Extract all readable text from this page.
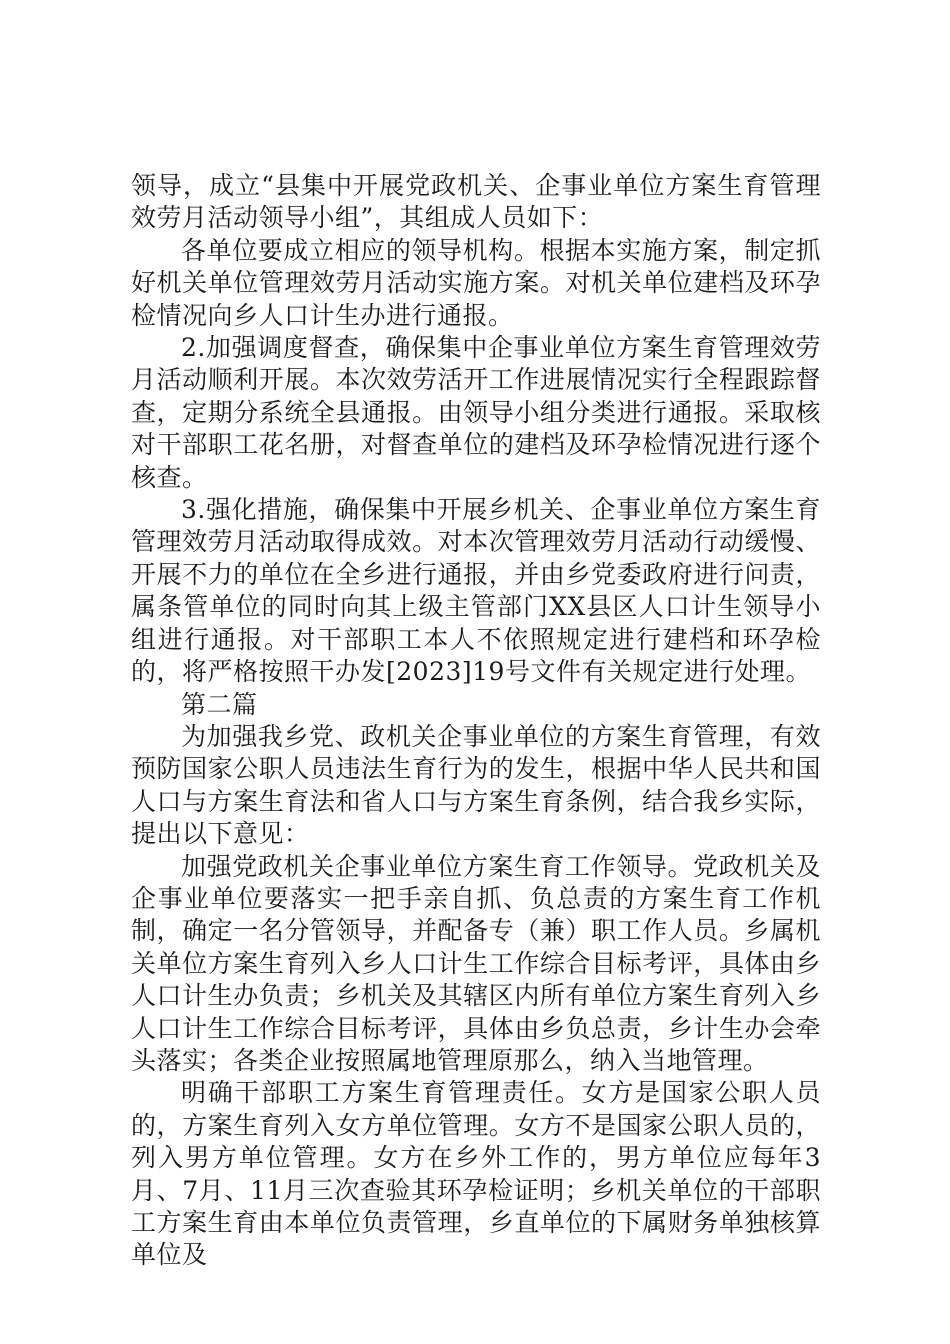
领导，成立“县集中开展党政机关、企事业单位方案生育管理效劳月活动领导小组”，其组成人员如下：

各单位要成立相应的领导机构。根据本实施方案，制定抓好机关单位管理效劳月活动实施方案。对机关单位建档及环孕检情况向乡人口计生办进行通报。

2.加强调度督查，确保集中企事业单位方案生育管理效劳月活动顺利开展。本次效劳活开工作进展情况实行全程跟踪督查，定期分系统全县通报。由领导小组分类进行通报。采取核对干部职工花名册，对督查单位的建档及环孕检情况进行逐个核查。

3.强化措施，确保集中开展乡机关、企事业单位方案生育管理效劳月活动取得成效。对本次管理效劳月活动行动缓慢、开展不力的单位在全乡进行通报，并由乡党委政府进行问责，属条管单位的同时向其上级主管部门XX县区人口计生领导小组进行通报。对干部职工本人不依照规定进行建档和环孕检的，将严格按照干办发[2023]19号文件有关规定进行处理。

第二篇

为加强我乡党、政机关企事业单位的方案生育管理，有效预防国家公职人员违法生育行为的发生，根据中华人民共和国人口与方案生育法和省人口与方案生育条例，结合我乡实际，提出以下意见：

加强党政机关企事业单位方案生育工作领导。党政机关及企事业单位要落实一把手亲自抓、负总责的方案生育工作机制，确定一名分管领导，并配备专（兼）职工作人员。乡属机关单位方案生育列入乡人口计生工作综合目标考评，具体由乡人口计生办负责；乡机关及其辖区内所有单位方案生育列入乡人口计生工作综合目标考评，具体由乡负总责，乡计生办会牵头落实；各类企业按照属地管理原那么，纳入当地管理。

明确干部职工方案生育管理责任。女方是国家公职人员的，方案生育列入女方单位管理。女方不是国家公职人员的，列入男方单位管理。女方在乡外工作的，男方单位应每年3月、7月、11月三次查验其环孕检证明；乡机关单位的干部职工方案生育由本单位负责管理，乡直单位的下属财务单独核算单位及
